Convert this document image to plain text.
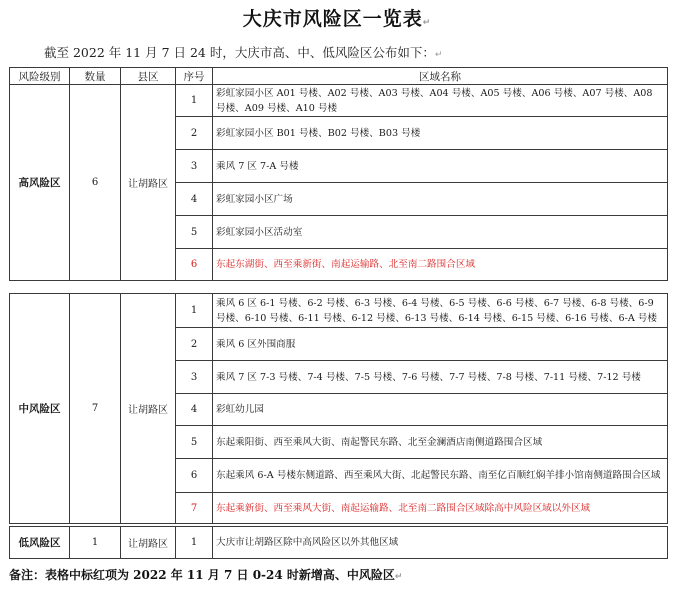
大庆市风险区一览表↵
截至 2022 年 11 月 7 日 24 时，大庆市高、中、低风险区公布如下：↵
风险级别	数量	县区	序号	区域名称
高风险区	6	让胡路区	1	彩虹家园小区 A01 号楼、A02 号楼、A03 号楼、A04 号楼、A05 号楼、A06 号楼、A07 号楼、A08 号楼、A09 号楼、A10 号楼
			2	彩虹家园小区 B01 号楼、B02 号楼、B03 号楼
			3	乘风 7 区 7-A 号楼
			4	彩虹家园小区广场
			5	彩虹家园小区活动室
			6	东起东湖街、西至乘新街、南起运输路、北至南二路围合区域
中风险区	7	让胡路区	1	乘风 6 区 6-1 号楼、6-2 号楼、6-3 号楼、6-4 号楼、6-5 号楼、6-6 号楼、6-7 号楼、6-8 号楼、6-9 号楼、6-10 号楼、6-11 号楼、6-12 号楼、6-13 号楼、6-14 号楼、6-15 号楼、6-16 号楼、6-A 号楼
			2	乘风 6 区外围商服
			3	乘风 7 区 7-3 号楼、7-4 号楼、7-5 号楼、7-6 号楼、7-7 号楼、7-8 号楼、7-11 号楼、7-12 号楼
			4	彩虹幼儿园
			5	东起乘阳街、西至乘风大街、南起警民东路、北至金澜酒店南侧道路围合区域
			6	东起乘风 6-A 号楼东侧道路、西至乘风大街、北起警民东路、南至亿百顺红焖羊排小馆南侧道路围合区域
			7	东起乘新街、西至乘风大街、南起运输路、北至南二路围合区域除高中风险区域以外区域
低风险区	1	让胡路区	1	大庆市让胡路区除中高风险区以外其他区域
备注：表格中标红项为 2022 年 11 月 7 日 0-24 时新增高、中风险区↵
